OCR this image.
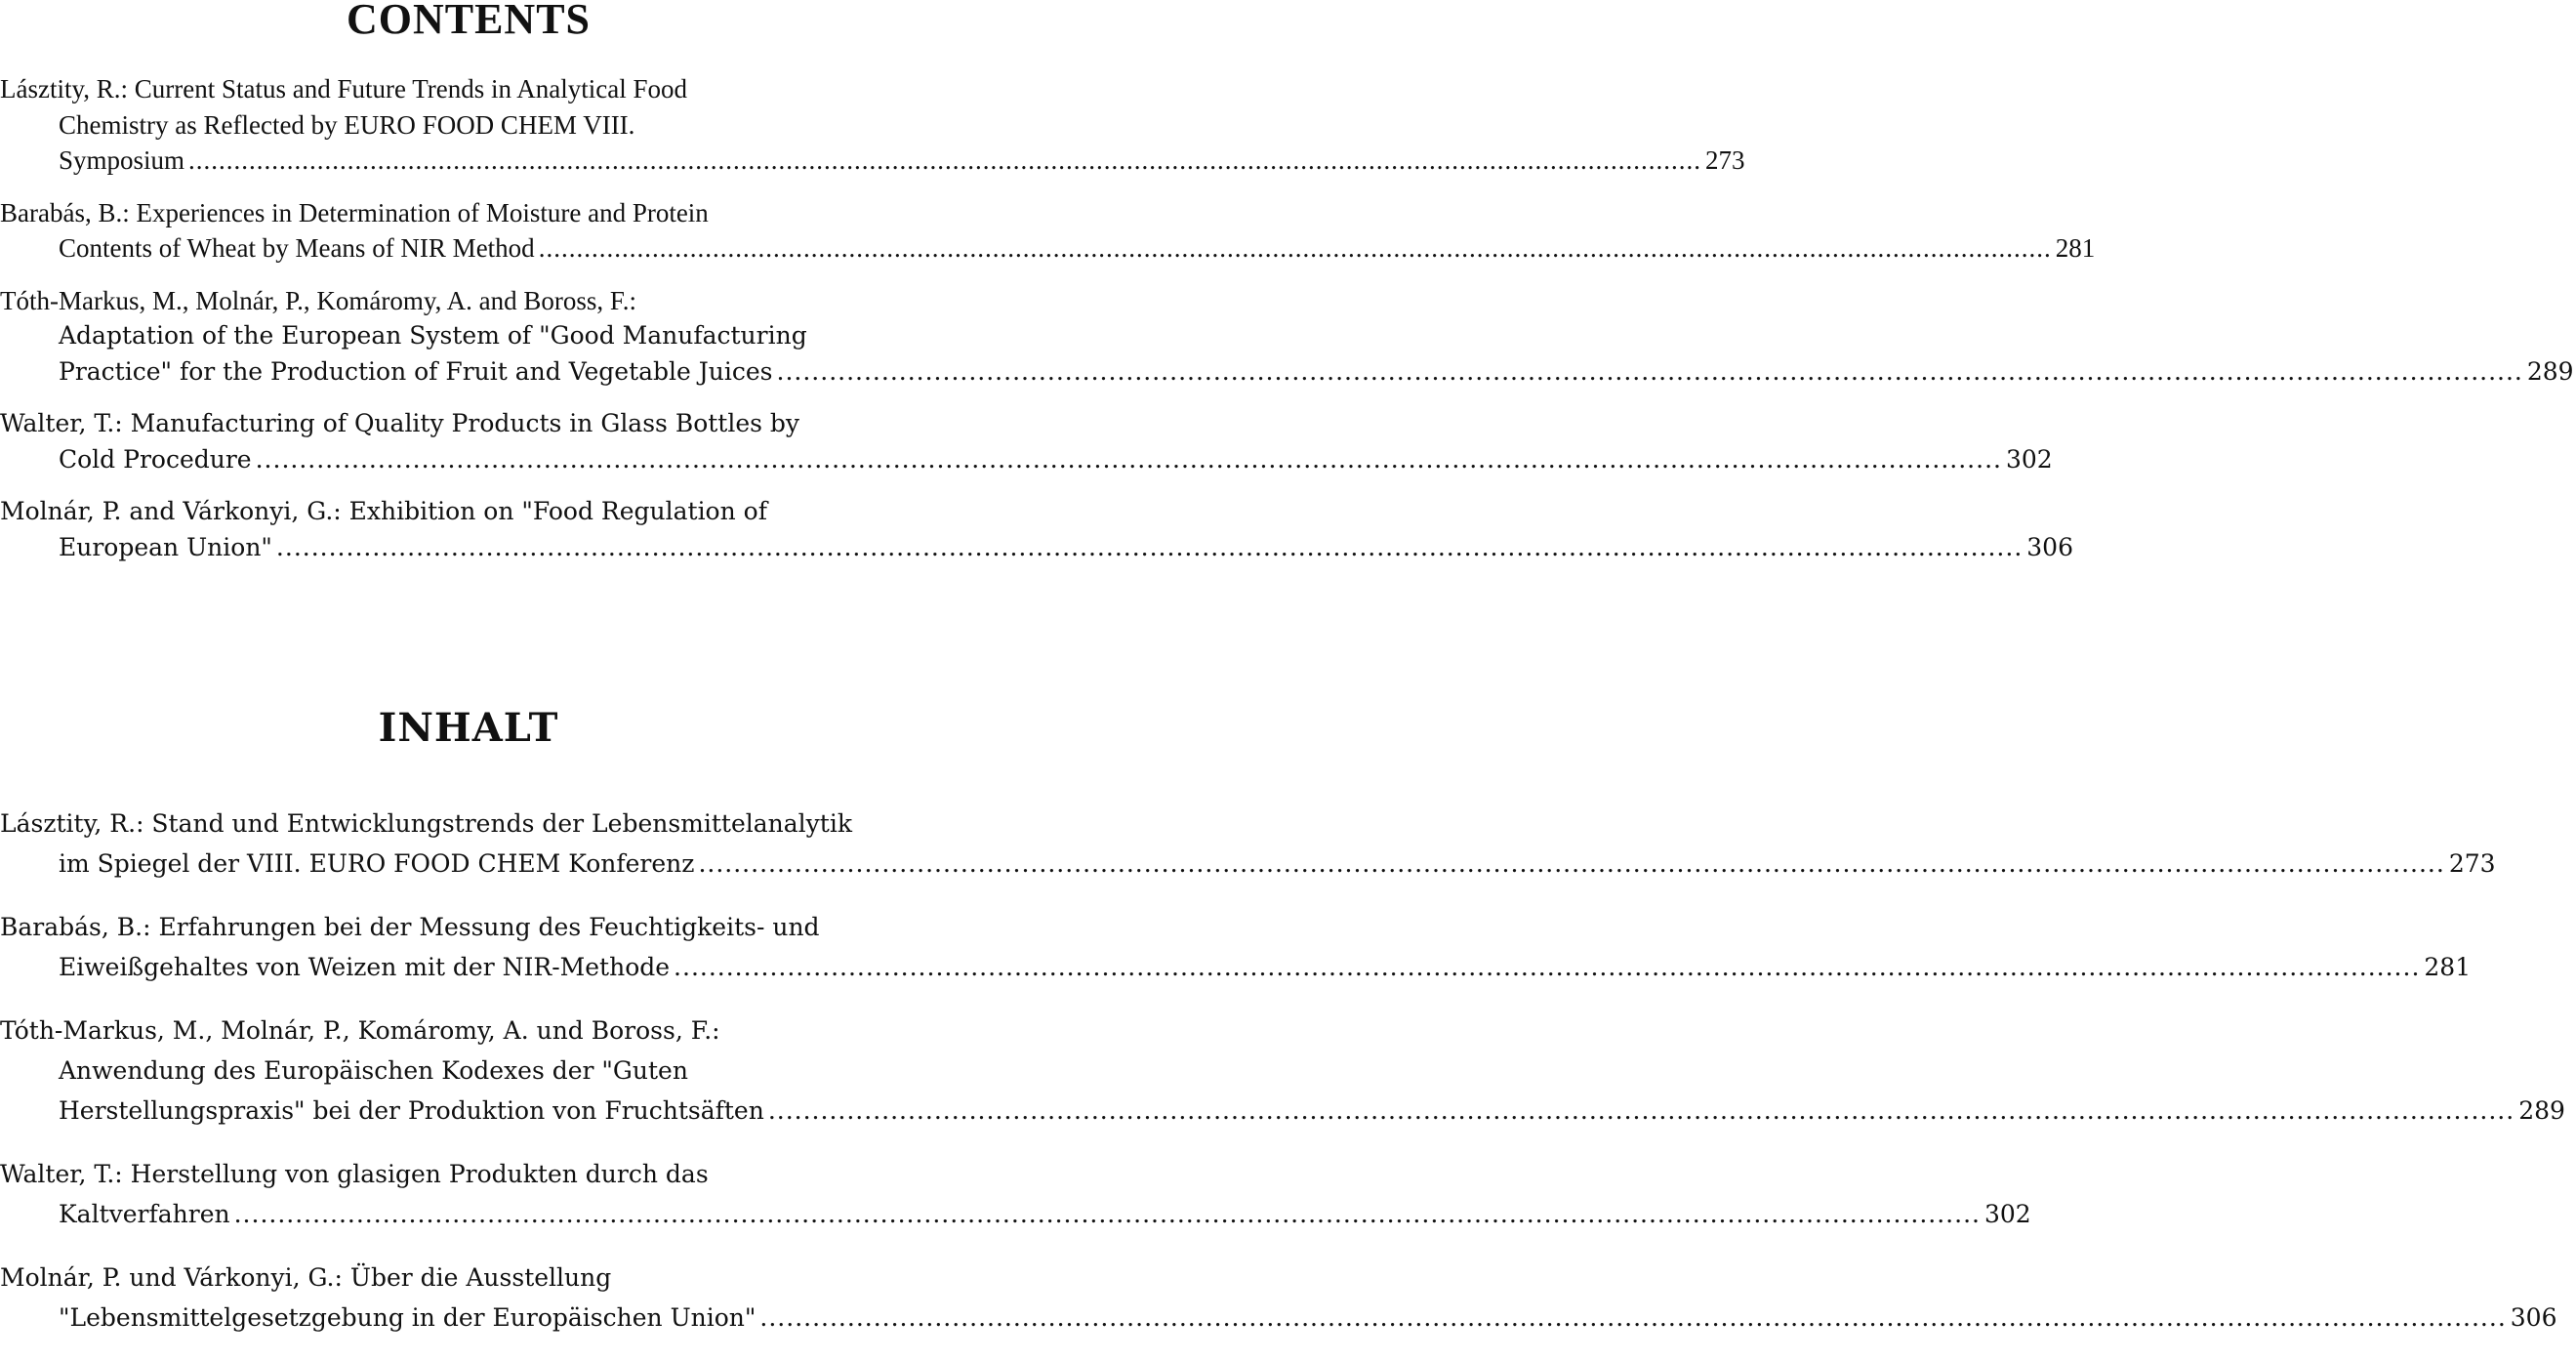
CONTENTS
Lásztity, R.: Current Status and Future Trends in Analytical Food
Chemistry as Reflected by EURO FOOD CHEM VIII.
Symposium ........................................................................................................................................................................................................ 273
Barabás, B.: Experiences in Determination of Moisture and Protein
Contents of Wheat by Means of NIR Method ........................................................................................................................................................................................................ 281
Tóth-Markus, M., Molnár, P., Komáromy, A. and Boross, F.:
Adaptation of the European System of "Good Manufacturing
Practice" for the Production of Fruit and Vegetable Juices ........................................................................................................................................................................................................ 289
Walter, T.: Manufacturing of Quality Products in Glass Bottles by
Cold Procedure ........................................................................................................................................................................................................ 302
Molnár, P. and Várkonyi, G.: Exhibition on "Food Regulation of
European Union" ........................................................................................................................................................................................................ 306
INHALT
Lásztity, R.: Stand und Entwicklungstrends der Lebensmittelanalytik
im Spiegel der VIII. EURO FOOD CHEM Konferenz ........................................................................................................................................................................................................ 273
Barabás, B.: Erfahrungen bei der Messung des Feuchtigkeits- und
Eiweißgehaltes von Weizen mit der NIR-Methode ........................................................................................................................................................................................................ 281
Tóth-Markus, M., Molnár, P., Komáromy, A. und Boross, F.:
Anwendung des Europäischen Kodexes der "Guten
Herstellungspraxis" bei der Produktion von Fruchtsäften ........................................................................................................................................................................................................ 289
Walter, T.: Herstellung von glasigen Produkten durch das
Kaltverfahren ........................................................................................................................................................................................................ 302
Molnár, P. und Várkonyi, G.: Über die Ausstellung
"Lebensmittelgesetzgebung in der Europäischen Union" ........................................................................................................................................................................................................ 306
